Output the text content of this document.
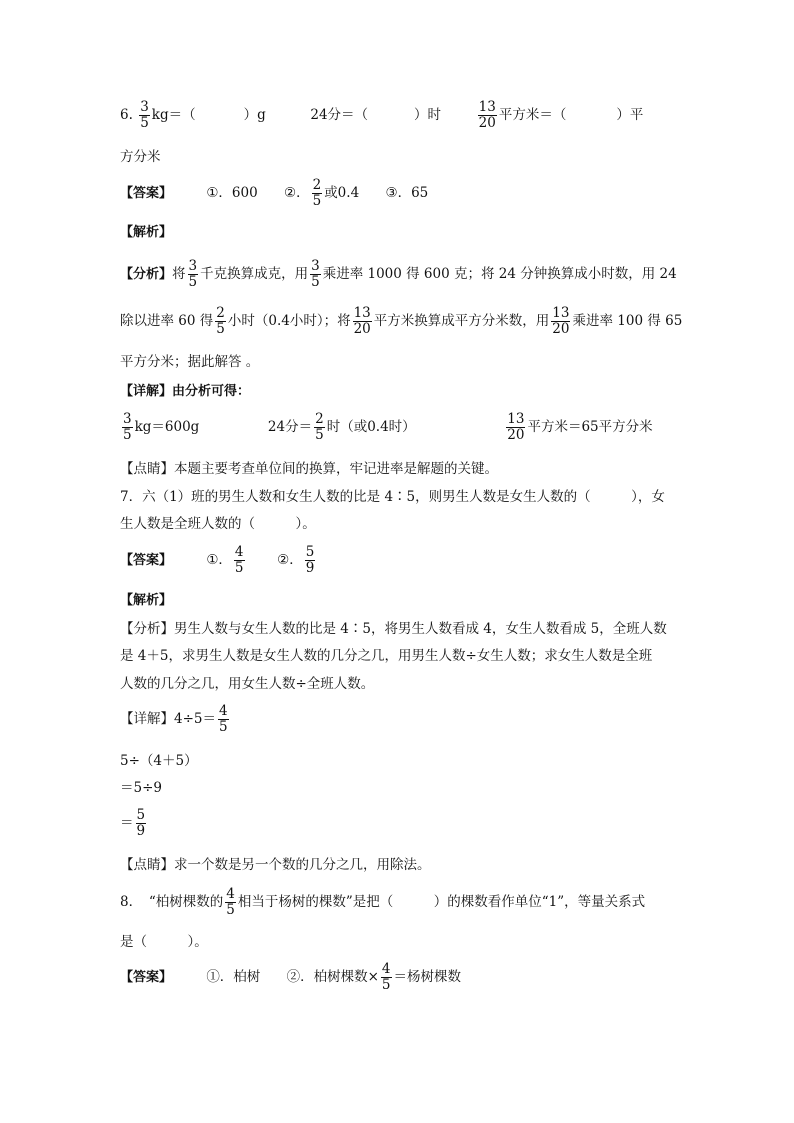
6. $\frac{3}{5} kg=$（	）g	24分＝（	）时	$\frac{13}{20}$ 平方米＝（	）平
方分米
【答案】	①．600 ②． $\frac{2}{5}$ 或0.4 ③．65
【解析】
【分析】将 $\frac{3}{5}$ 千克换算成克，用 $\frac{3}{5}$ 乘进率 1000 得 600 克；将 24 分钟换算成小时数，用 24
除以进率 60 得 $\frac{2}{5}$ 小时（0.4小时）；将 $\frac{13}{20}$ 平方米换算成平方分米数，用 $\frac{13}{20}$ 乘进率 100 得 65
平方分米；据此解答 。
【详解】由分析可得：
$\frac{3}{5} kg=600g$	24分＝ $\frac{2}{5}$ 时（或0.4时）	$\frac{13}{20}$ 平方米＝65平方分米
【点睛】本题主要考查单位间的换算，牢记进率是解题的关键。
7．六（1）班的男生人数和女生人数的比是 4∶5，则男生人数是女生人数的（　　　），女
生人数是全班人数的（　　　）。
【答案】	①． $\frac{4}{5}$ ②． $\frac{5}{9}$
【解析】
【分析】男生人数与女生人数的比是 4∶5，将男生人数看成 4，女生人数看成 5，全班人数
是 4＋5，求男生人数是女生人数的几分之几，用男生人数÷女生人数；求女生人数是全班
人数的几分之几，用女生人数÷全班人数。
【详解】$4\div 5= \frac{4}{5}$
5÷（4＋5）
＝5÷9
＝ $\frac{5}{9}$
【点睛】求一个数是另一个数的几分之几，用除法。
8．　“柏树棵数的 $\frac{4}{5}$ 相当于杨树的棵数”是把（　　　）的棵数看作单位“1”，等量关系式
是（　　　）。
【答案】	①．柏树 ②．柏树棵数× $\frac{4}{5}$ ＝杨树棵数
